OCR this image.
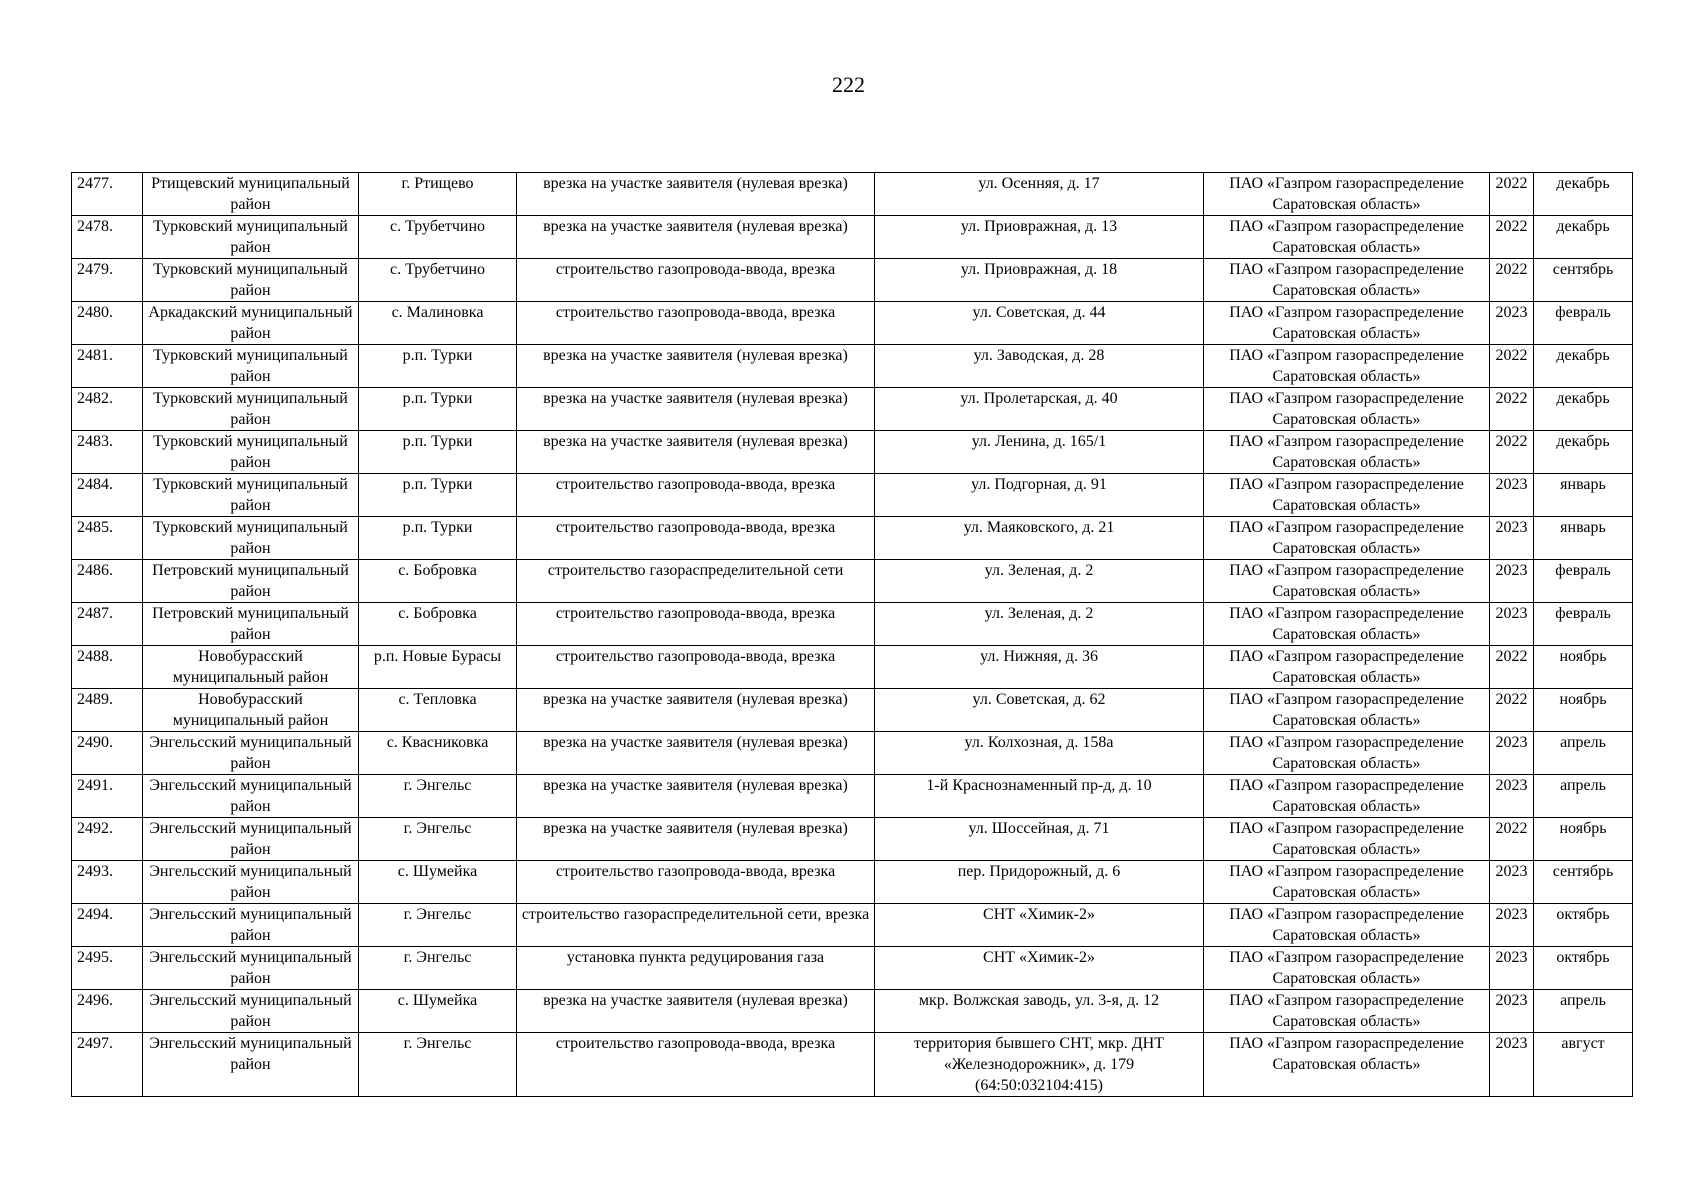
222
2477.	Ртищевский муниципальный район	г. Ртищево	врезка на участке заявителя (нулевая врезка)	ул. Осенняя, д. 17	ПАО «Газпром газораспределение Саратовская область»	2022	декабрь
2478.	Турковский муниципальный район	с. Трубетчино	врезка на участке заявителя (нулевая врезка)	ул. Приовражная, д. 13	ПАО «Газпром газораспределение Саратовская область»	2022	декабрь
2479.	Турковский муниципальный район	с. Трубетчино	строительство газопровода-ввода, врезка	ул. Приовражная, д. 18	ПАО «Газпром газораспределение Саратовская область»	2022	сентябрь
2480.	Аркадакский муниципальный район	с. Малиновка	строительство газопровода-ввода, врезка	ул. Советская, д. 44	ПАО «Газпром газораспределение Саратовская область»	2023	февраль
2481.	Турковский муниципальный район	р.п. Турки	врезка на участке заявителя (нулевая врезка)	ул. Заводская, д. 28	ПАО «Газпром газораспределение Саратовская область»	2022	декабрь
2482.	Турковский муниципальный район	р.п. Турки	врезка на участке заявителя (нулевая врезка)	ул. Пролетарская, д. 40	ПАО «Газпром газораспределение Саратовская область»	2022	декабрь
2483.	Турковский муниципальный район	р.п. Турки	врезка на участке заявителя (нулевая врезка)	ул. Ленина, д. 165/1	ПАО «Газпром газораспределение Саратовская область»	2022	декабрь
2484.	Турковский муниципальный район	р.п. Турки	строительство газопровода-ввода, врезка	ул. Подгорная, д. 91	ПАО «Газпром газораспределение Саратовская область»	2023	январь
2485.	Турковский муниципальный район	р.п. Турки	строительство газопровода-ввода, врезка	ул. Маяковского, д. 21	ПАО «Газпром газораспределение Саратовская область»	2023	январь
2486.	Петровский муниципальный район	с. Бобровка	строительство газораспределительной сети	ул. Зеленая, д. 2	ПАО «Газпром газораспределение Саратовская область»	2023	февраль
2487.	Петровский муниципальный район	с. Бобровка	строительство газопровода-ввода, врезка	ул. Зеленая, д. 2	ПАО «Газпром газораспределение Саратовская область»	2023	февраль
2488.	Новобурасский муниципальный район	р.п. Новые Бурасы	строительство газопровода-ввода, врезка	ул. Нижняя, д. 36	ПАО «Газпром газораспределение Саратовская область»	2022	ноябрь
2489.	Новобурасский муниципальный район	с. Тепловка	врезка на участке заявителя (нулевая врезка)	ул. Советская, д. 62	ПАО «Газпром газораспределение Саратовская область»	2022	ноябрь
2490.	Энгельсский муниципальный район	с. Квасниковка	врезка на участке заявителя (нулевая врезка)	ул. Колхозная, д. 158а	ПАО «Газпром газораспределение Саратовская область»	2023	апрель
2491.	Энгельсский муниципальный район	г. Энгельс	врезка на участке заявителя (нулевая врезка)	1-й Краснознаменный пр-д, д. 10	ПАО «Газпром газораспределение Саратовская область»	2023	апрель
2492.	Энгельсский муниципальный район	г. Энгельс	врезка на участке заявителя (нулевая врезка)	ул. Шоссейная, д. 71	ПАО «Газпром газораспределение Саратовская область»	2022	ноябрь
2493.	Энгельсский муниципальный район	с. Шумейка	строительство газопровода-ввода, врезка	пер. Придорожный, д. 6	ПАО «Газпром газораспределение Саратовская область»	2023	сентябрь
2494.	Энгельсский муниципальный район	г. Энгельс	строительство газораспределительной сети, врезка	СНТ «Химик-2»	ПАО «Газпром газораспределение Саратовская область»	2023	октябрь
2495.	Энгельсский муниципальный район	г. Энгельс	установка пункта редуцирования газа	СНТ «Химик-2»	ПАО «Газпром газораспределение Саратовская область»	2023	октябрь
2496.	Энгельсский муниципальный район	с. Шумейка	врезка на участке заявителя (нулевая врезка)	мкр. Волжская заводь, ул. 3-я, д. 12	ПАО «Газпром газораспределение Саратовская область»	2023	апрель
2497.	Энгельсский муниципальный район	г. Энгельс	строительство газопровода-ввода, врезка	территория бывшего СНТ, мкр. ДНТ «Железнодорожник», д. 179 (64:50:032104:415)	ПАО «Газпром газораспределение Саратовская область»	2023	август
